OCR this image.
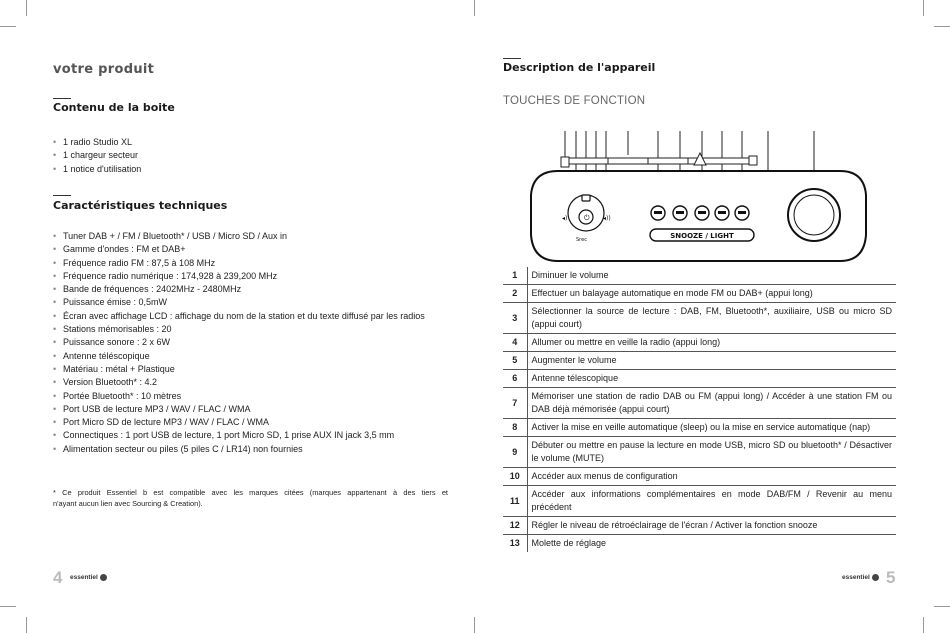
votre produit
Contenu de la boite
• 1 radio Studio XL
• 1 chargeur secteur
• 1 notice d'utilisation
Caractéristiques techniques
• Tuner DAB + / FM / Bluetooth* / USB / Micro SD / Aux in
• Gamme d'ondes : FM et DAB+
• Fréquence radio FM : 87,5 à 108 MHz
• Fréquence radio numérique : 174,928 à 239,200 MHz
• Bande de fréquences : 2402MHz - 2480MHz
• Puissance émise : 0,5mW
• Écran avec affichage LCD : affichage du nom de la station et du texte diffusé par les radios
• Stations mémorisables : 20
• Puissance sonore : 2 x 6W
• Antenne téléscopique
• Matériau : métal + Plastique
• Version Bluetooth* : 4.2
• Portée Bluetooth* : 10 mètres
• Port USB de lecture MP3 / WAV / FLAC / WMA
• Port Micro SD de lecture MP3 / WAV / FLAC / WMA
• Connectiques : 1 port USB de lecture, 1 port Micro SD, 1 prise AUX IN jack 3,5 mm
• Alimentation secteur ou piles (5 piles C / LR14) non fournies
* Ce produit Essentiel b est compatible avec les marques citées (marques appartenant à des tiers et
n'ayant aucun lien avec Sourcing & Creation).
4 essentiel
Description de l'appareil
TOUCHES DE FONCTION
◂)	◂))
⏻
Srec	SNOOZE / LIGHT
1	Diminuer le volume
2	Effectuer un balayage automatique en mode FM ou DAB+ (appui long)
3	Sélectionner la source de lecture : DAB, FM, Bluetooth*, auxiliaire, USB ou micro SD (appui court)
4	Allumer ou mettre en veille la radio (appui long)
5	Augmenter le volume
6	Antenne télescopique
7	Mémoriser une station de radio DAB ou FM (appui long) / Accéder à une station FM ou DAB déjà mémorisée (appui court)
8	Activer la mise en veille automatique (sleep) ou la mise en service automatique (nap)
9	Débuter ou mettre en pause la lecture en mode USB, micro SD ou bluetooth* / Désactiver le volume (MUTE)
10	Accéder aux menus de configuration
11	Accéder aux informations complémentaires en mode DAB/FM / Revenir au menu précédent
12	Régler le niveau de rétroéclairage de l'écran / Activer la fonction snooze
13	Molette de réglage
essentiel 5
